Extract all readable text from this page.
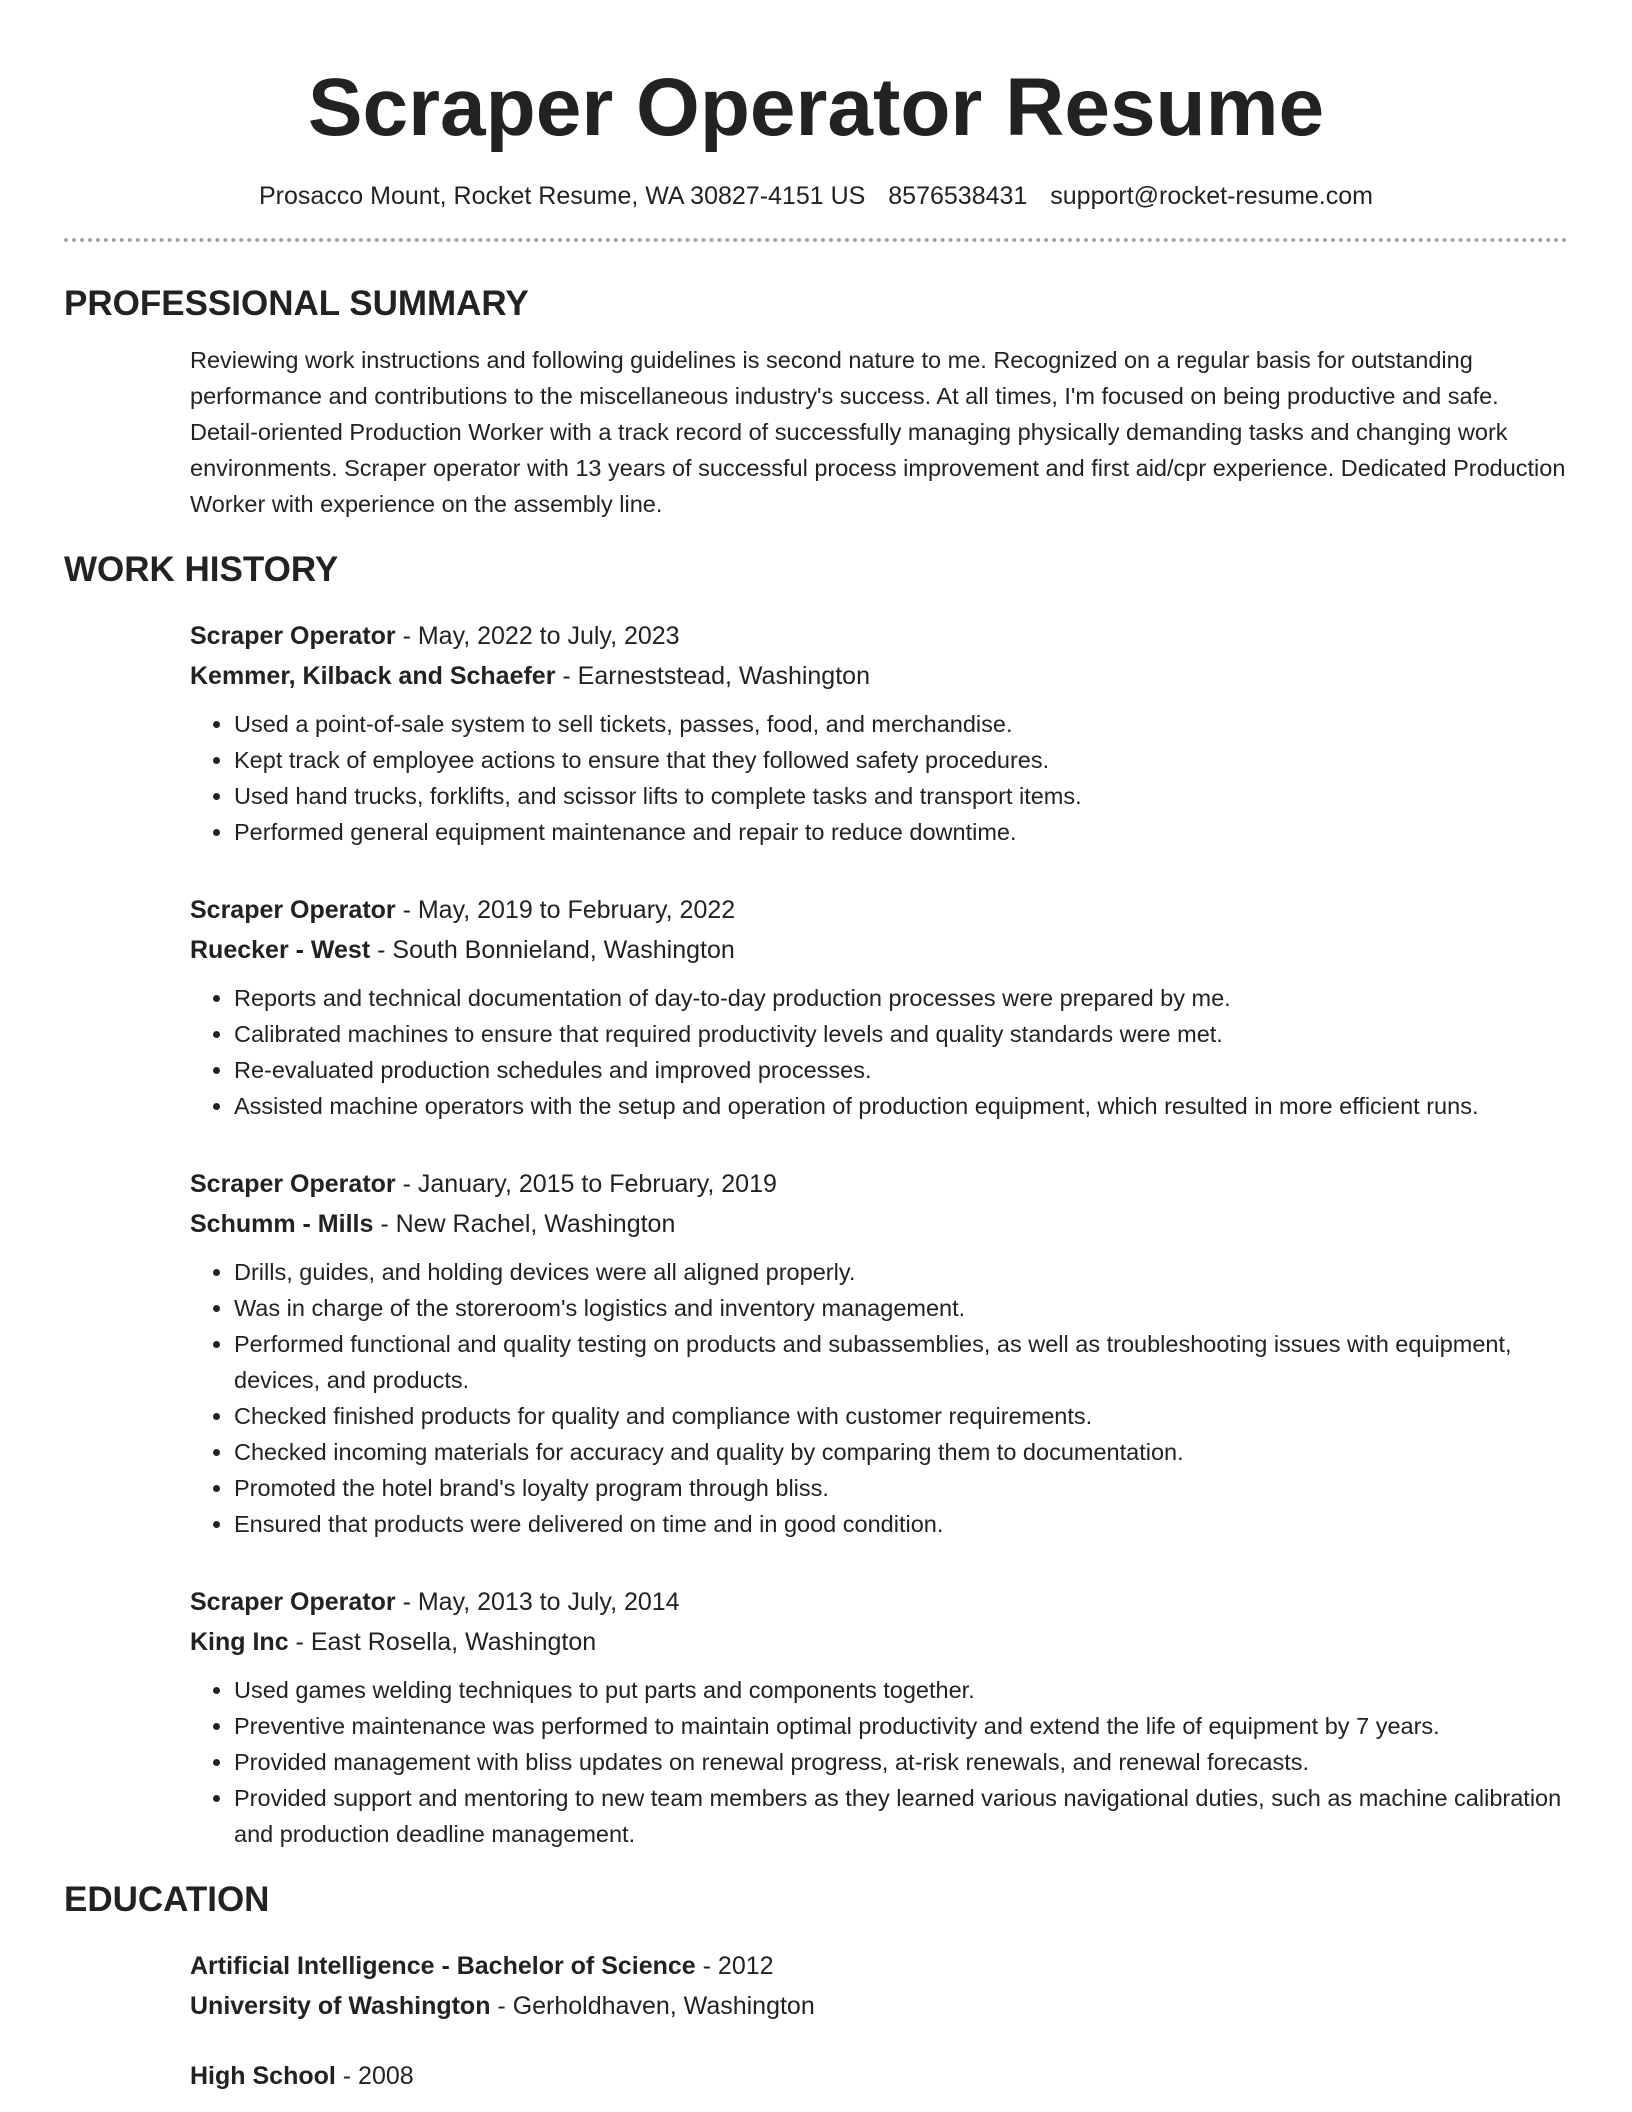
Scraper Operator Resume
Prosacco Mount, Rocket Resume, WA 30827-4151 US 8576538431 support@rocket-resume.com
PROFESSIONAL SUMMARY

Reviewing work instructions and following guidelines is second nature to me. Recognized on a regular basis for outstanding performance and contributions to the miscellaneous industry's success. At all times, I'm focused on being productive and safe. Detail-oriented Production Worker with a track record of successfully managing physically demanding tasks and changing work environments. Scraper operator with 13 years of successful process improvement and first aid/cpr experience. Dedicated Production Worker with experience on the assembly line.

WORK HISTORY
Scraper Operator - May, 2022 to July, 2023
Kemmer, Kilback and Schaefer - Earneststead, Washington
• Used a point-of-sale system to sell tickets, passes, food, and merchandise.
• Kept track of employee actions to ensure that they followed safety procedures.
• Used hand trucks, forklifts, and scissor lifts to complete tasks and transport items.
• Performed general equipment maintenance and repair to reduce downtime.
Scraper Operator - May, 2019 to February, 2022
Ruecker - West - South Bonnieland, Washington
• Reports and technical documentation of day-to-day production processes were prepared by me.
• Calibrated machines to ensure that required productivity levels and quality standards were met.
• Re-evaluated production schedules and improved processes.
• Assisted machine operators with the setup and operation of production equipment, which resulted in more efficient runs.
Scraper Operator - January, 2015 to February, 2019
Schumm - Mills - New Rachel, Washington
• Drills, guides, and holding devices were all aligned properly.
• Was in charge of the storeroom's logistics and inventory management.
• Performed functional and quality testing on products and subassemblies, as well as troubleshooting issues with equipment, devices, and products.
• Checked finished products for quality and compliance with customer requirements.
• Checked incoming materials for accuracy and quality by comparing them to documentation.
• Promoted the hotel brand's loyalty program through bliss.
• Ensured that products were delivered on time and in good condition.
Scraper Operator - May, 2013 to July, 2014
King Inc - East Rosella, Washington
• Used games welding techniques to put parts and components together.
• Preventive maintenance was performed to maintain optimal productivity and extend the life of equipment by 7 years.
• Provided management with bliss updates on renewal progress, at-risk renewals, and renewal forecasts.
• Provided support and mentoring to new team members as they learned various navigational duties, such as machine calibration and production deadline management.
EDUCATION
Artificial Intelligence - Bachelor of Science - 2012
University of Washington - Gerholdhaven, Washington
High School - 2008
